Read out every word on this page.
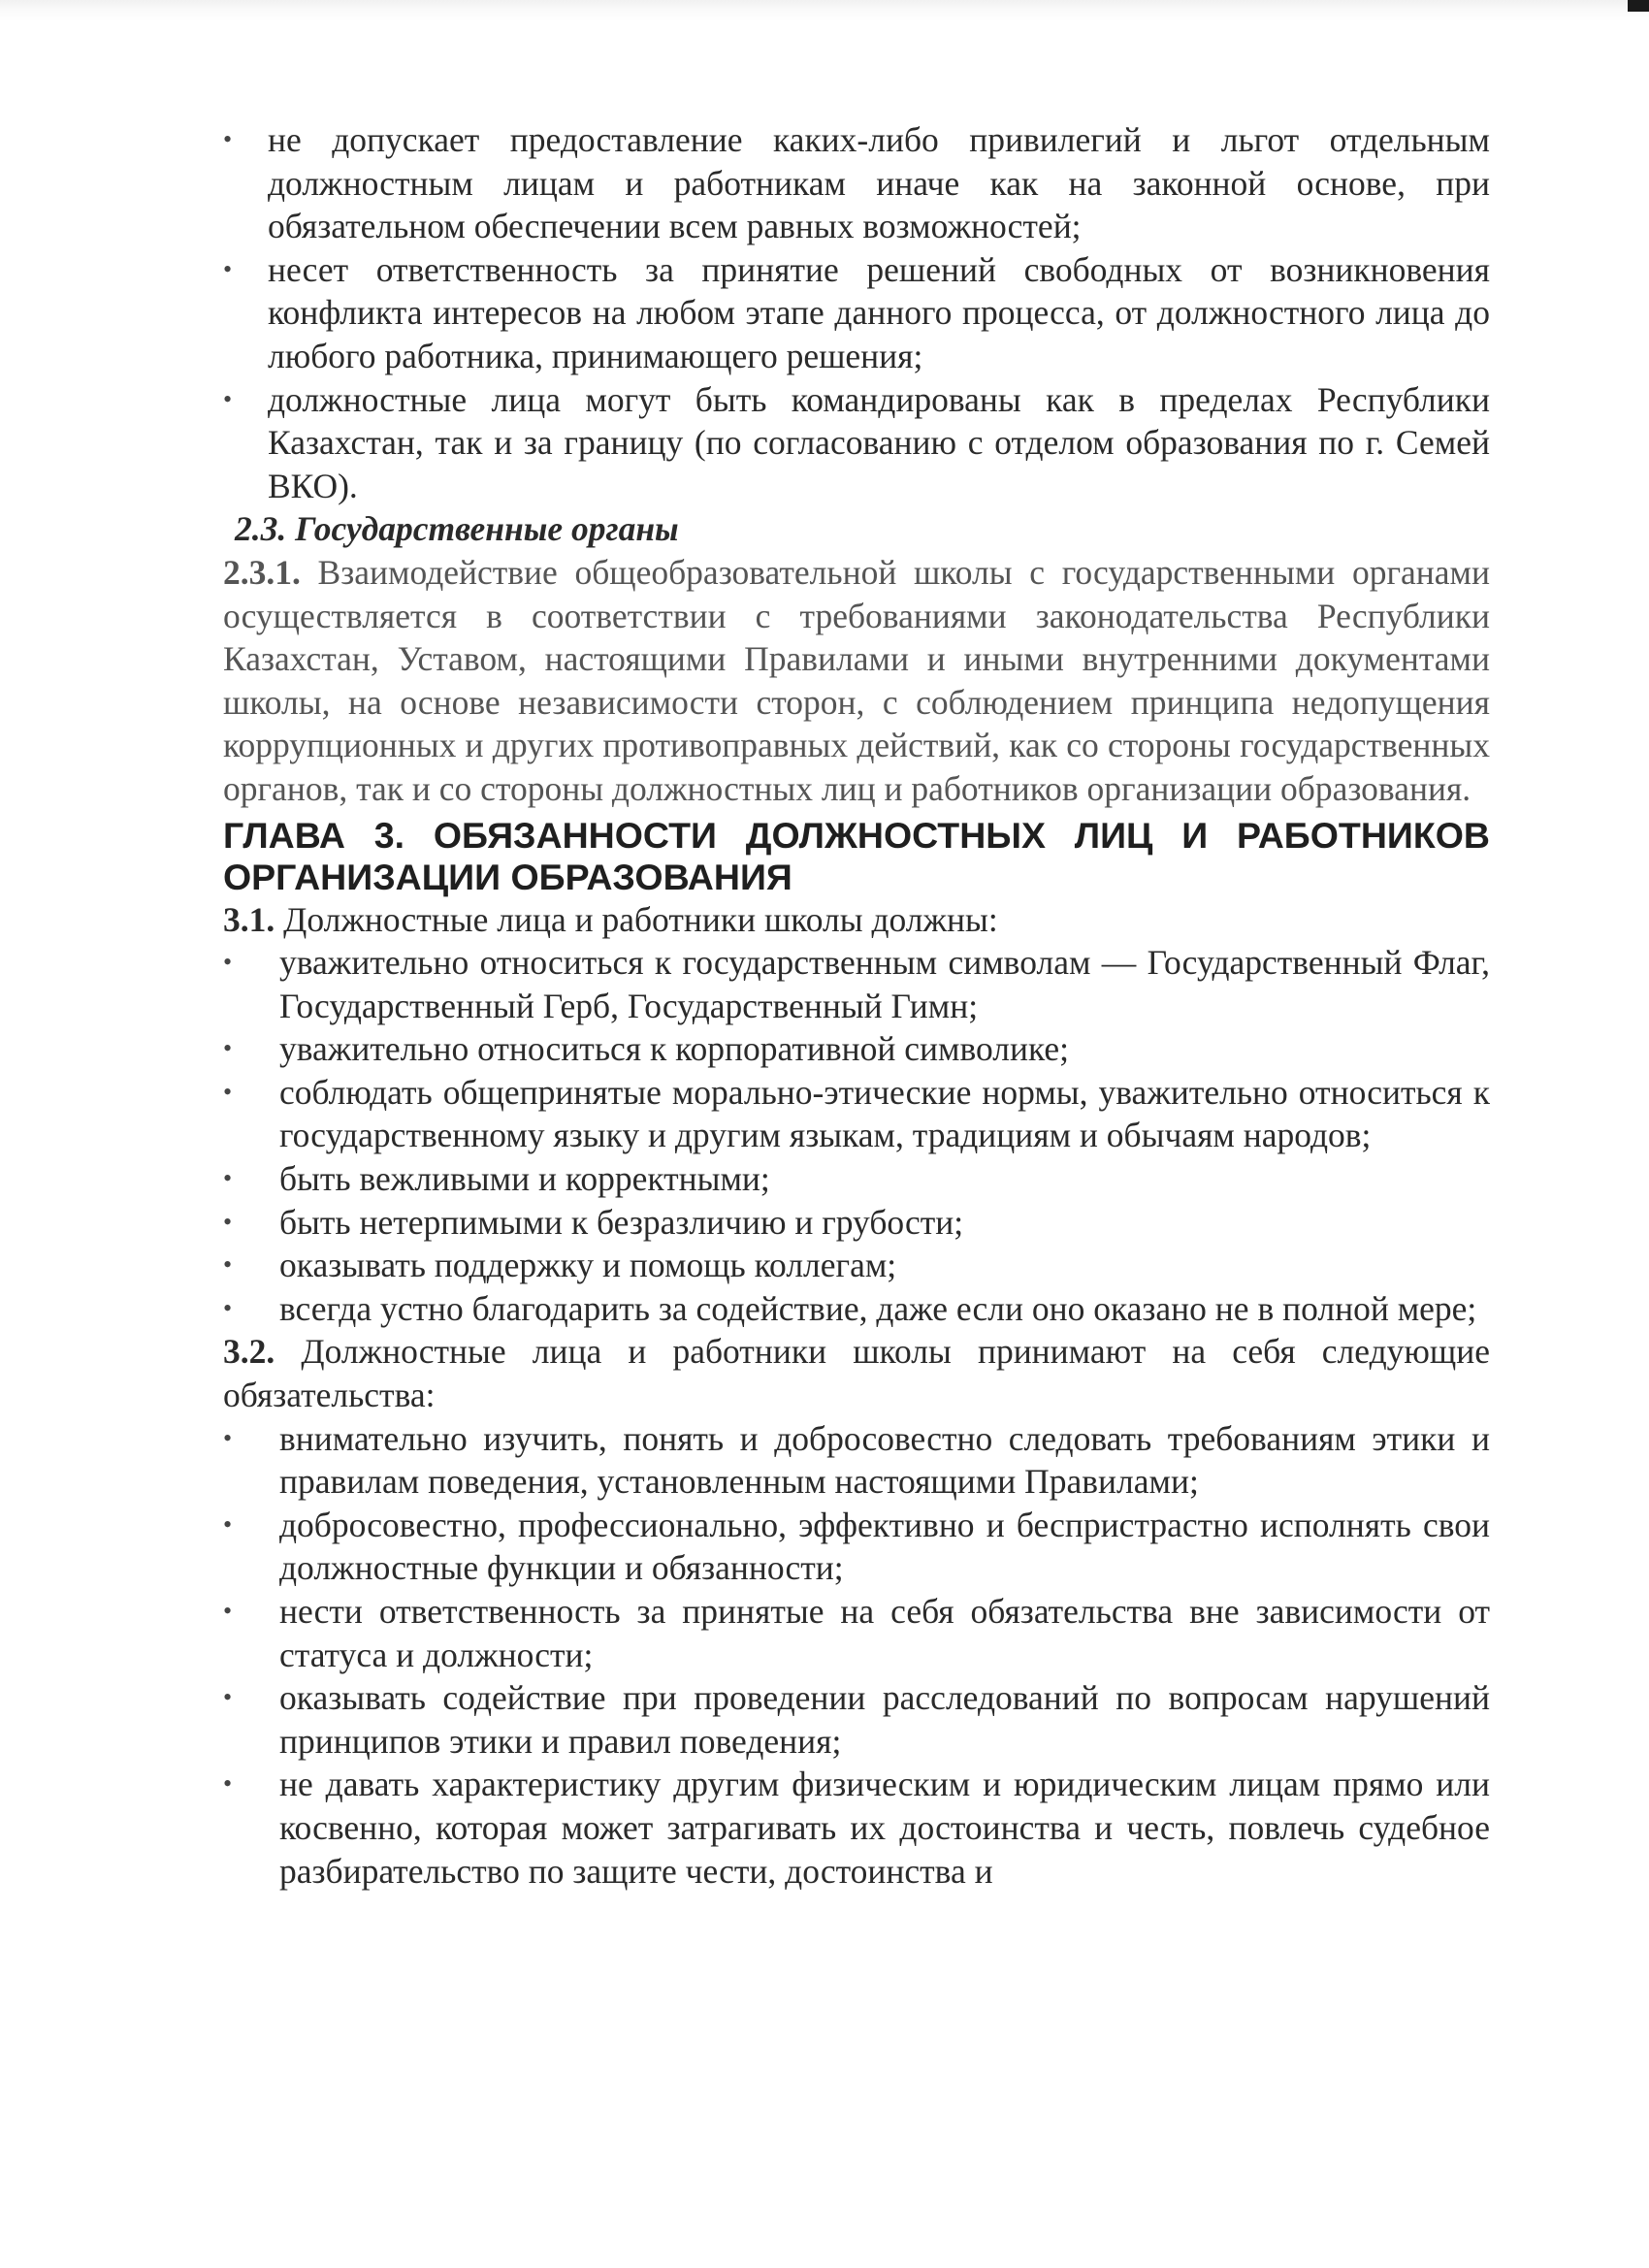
• не допускает предоставление каких-либо привилегий и льгот отдельным должностным лицам и работникам иначе как на законной основе, при обязательном обеспечении всем равных возможностей;
• несет ответственность за принятие решений свободных от возникновения конфликта интересов на любом этапе данного процесса, от должностного лица до любого работника, принимающего решения;
• должностные лица могут быть командированы как в пределах Республики Казахстан, так и за границу (по согласованию с отделом образования по г. Семей ВКО).

2.3. Государственные органы

2.3.1. Взаимодействие общеобразовательной школы с государственными органами осуществляется в соответствии с требованиями законодательства Республики Казахстан, Уставом, настоящими Правилами и иными внутренними документами школы, на основе независимости сторон, с соблюдением принципа недопущения коррупционных и других противоправных действий, как со стороны государственных органов, так и со стороны должностных лиц и работников организации образования.

ГЛАВА 3. ОБЯЗАННОСТИ ДОЛЖНОСТНЫХ ЛИЦ И РАБОТНИКОВ ОРГАНИЗАЦИИ ОБРАЗОВАНИЯ

3.1. Должностные лица и работники школы должны:

• уважительно относиться к государственным символам — Государственный Флаг, Государственный Герб, Государственный Гимн;
• уважительно относиться к корпоративной символике;
• соблюдать общепринятые морально-этические нормы, уважительно относиться к государственному языку и другим языкам, традициям и обычаям народов;
• быть вежливыми и корректными;
• быть нетерпимыми к безразличию и грубости;
• оказывать поддержку и помощь коллегам;
• всегда устно благодарить за содействие, даже если оно оказано не в полной мере;

3.2. Должностные лица и работники школы принимают на себя следующие обязательства:

• внимательно изучить, понять и добросовестно следовать требованиям этики и правилам поведения, установленным настоящими Правилами;
• добросовестно, профессионально, эффективно и беспристрастно исполнять свои должностные функции и обязанности;
• нести ответственность за принятые на себя обязательства вне зависимости от статуса и должности;
• оказывать содействие при проведении расследований по вопросам нарушений принципов этики и правил поведения;
• не давать характеристику другим физическим и юридическим лицам прямо или косвенно, которая может затрагивать их достоинства и честь, повлечь судебное разбирательство по защите чести, достоинства и
